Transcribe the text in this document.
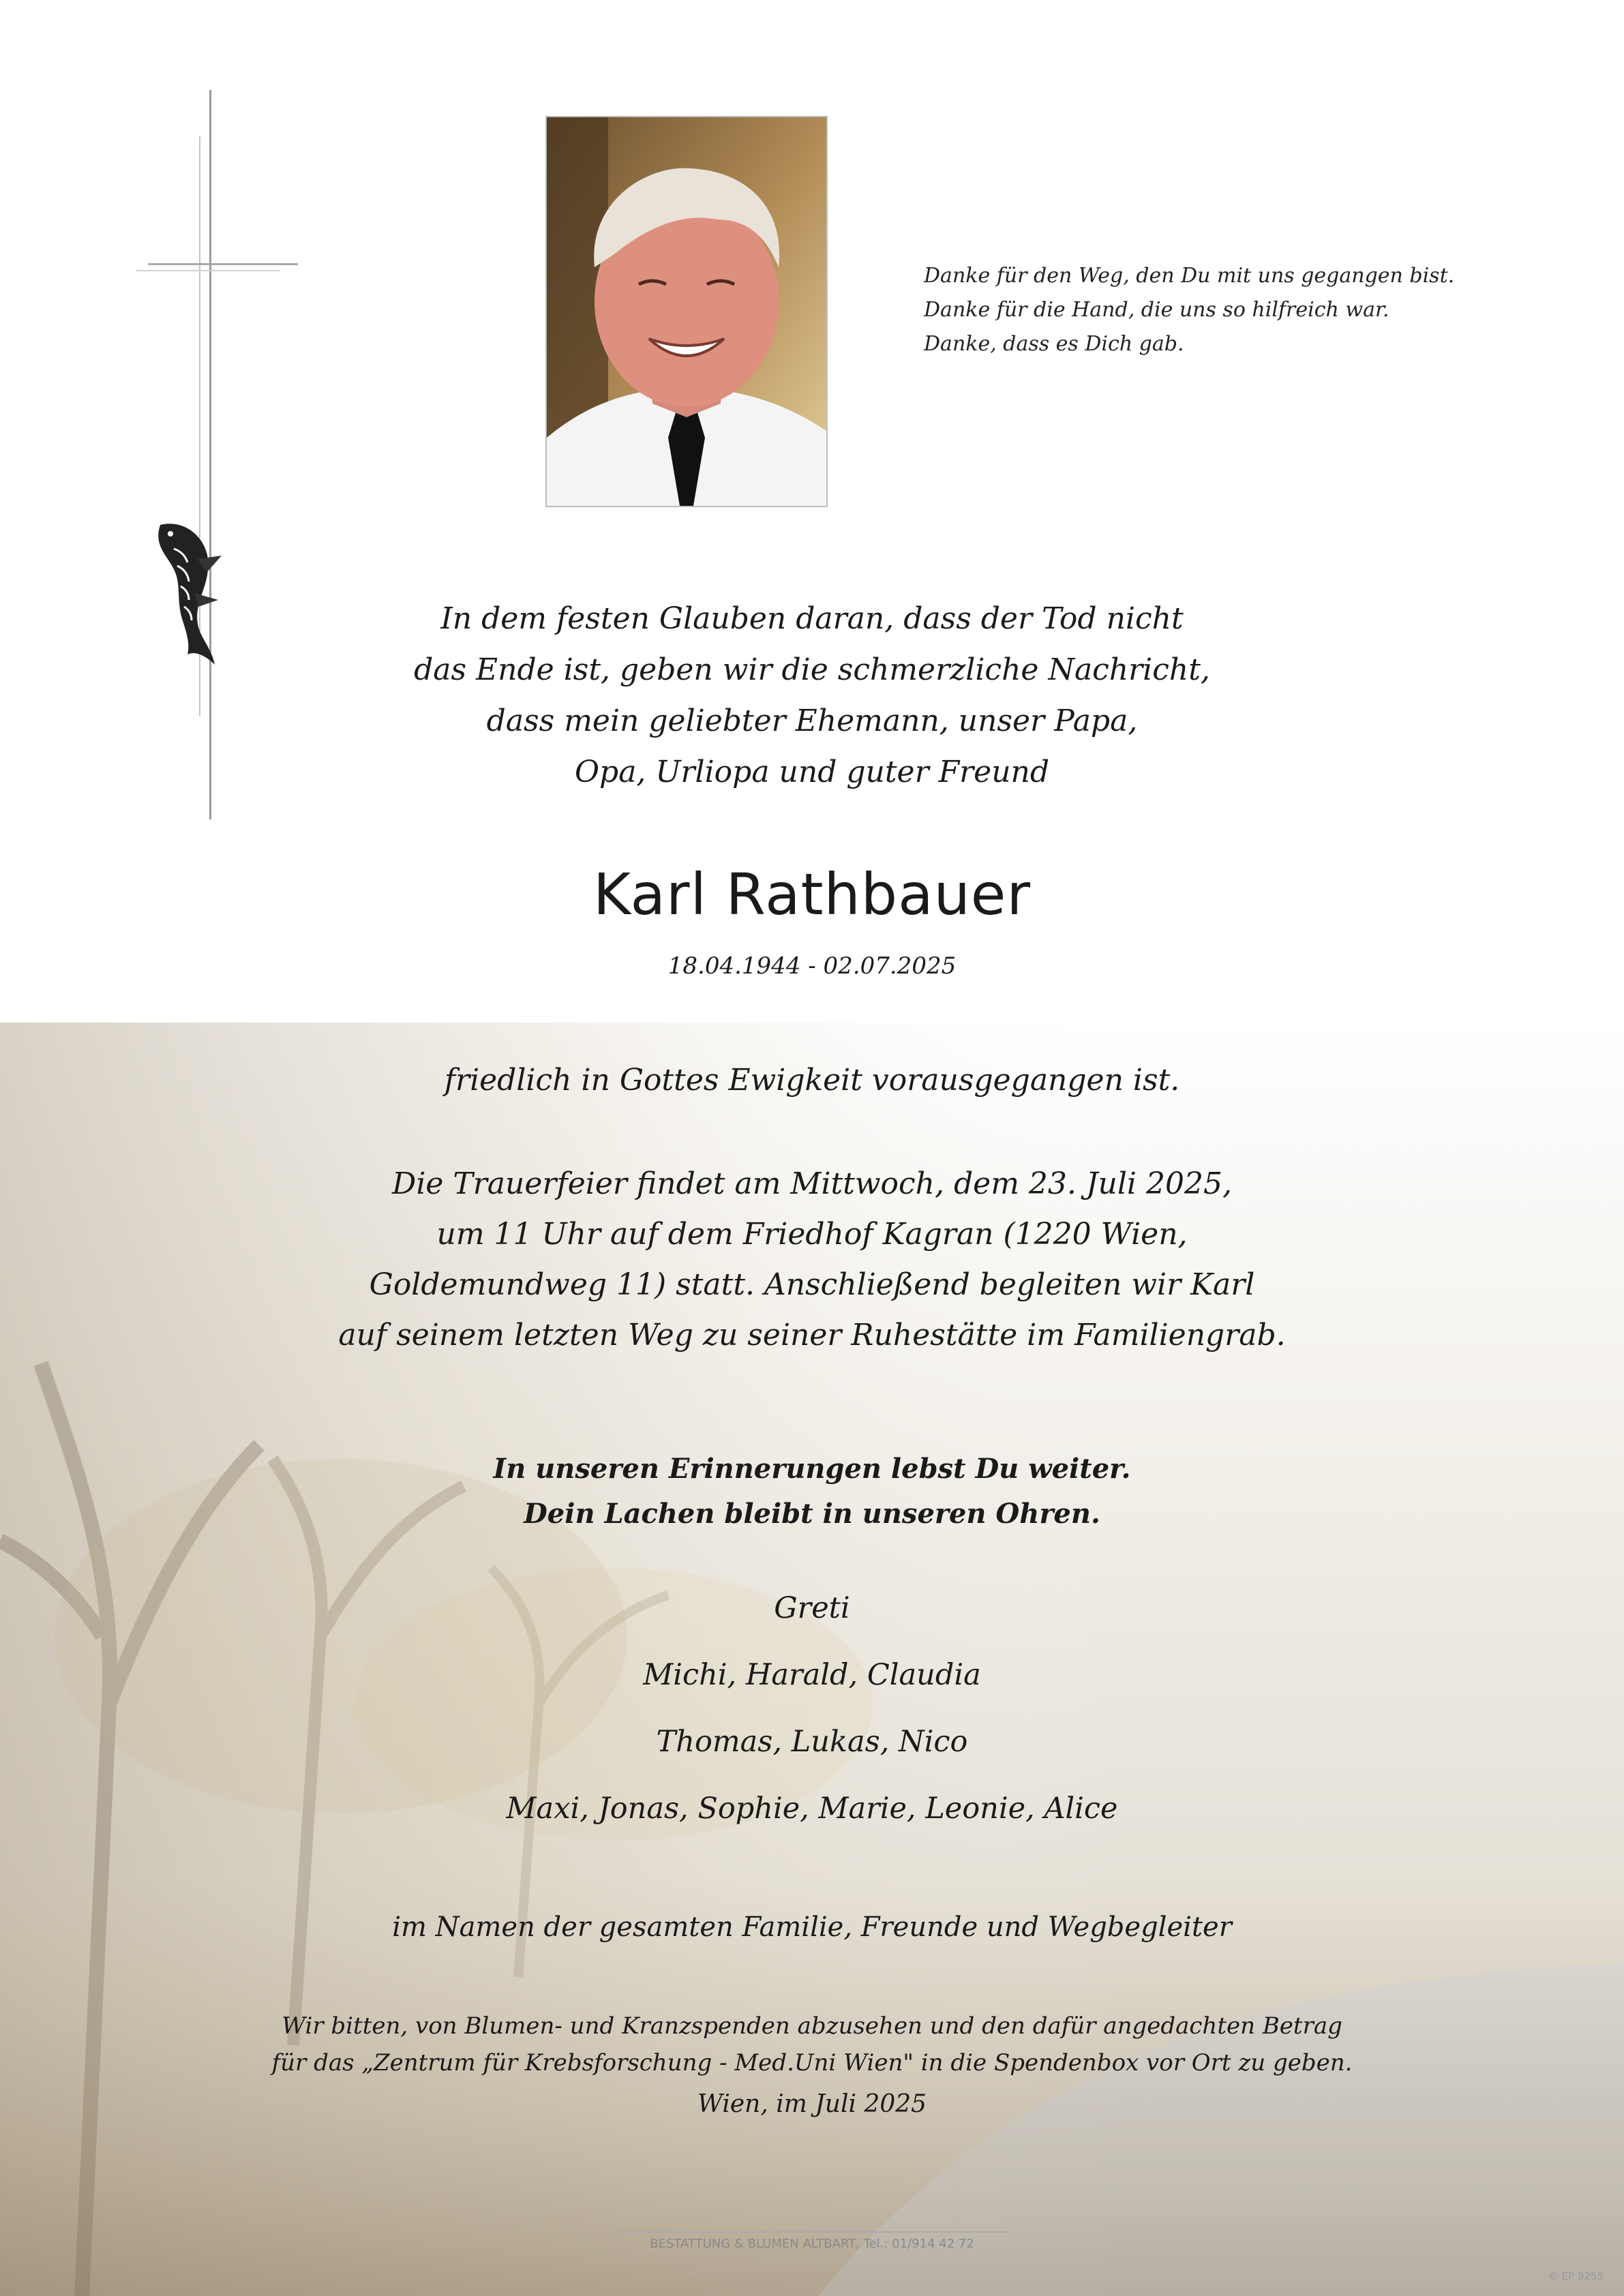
Danke für den Weg, den Du mit uns gegangen bist.
Danke für die Hand, die uns so hilfreich war.
Danke, dass es Dich gab.
In dem festen Glauben daran, dass der Tod nicht
das Ende ist, geben wir die schmerzliche Nachricht,
dass mein geliebter Ehemann, unser Papa,
Opa, Urliopa und guter Freund
Karl Rathbauer
18.04.1944 - 02.07.2025
friedlich in Gottes Ewigkeit vorausgegangen ist.
Die Trauerfeier findet am Mittwoch, dem 23. Juli 2025,
um 11 Uhr auf dem Friedhof Kagran (1220 Wien,
Goldemundweg 11) statt. Anschließend begleiten wir Karl
auf seinem letzten Weg zu seiner Ruhestätte im Familiengrab.
In unseren Erinnerungen lebst Du weiter.
Dein Lachen bleibt in unseren Ohren.
Greti
Michi, Harald, Claudia
Thomas, Lukas, Nico
Maxi, Jonas, Sophie, Marie, Leonie, Alice
im Namen der gesamten Familie, Freunde und Wegbegleiter
Wir bitten, von Blumen- und Kranzspenden abzusehen und den dafür angedachten Betrag
für das „Zentrum für Krebsforschung - Med.Uni Wien" in die Spendenbox vor Ort zu geben.
Wien, im Juli 2025
BESTATTUNG & BLUMEN ALTBART, Tel.: 01/914 42 72
© EP 9255
